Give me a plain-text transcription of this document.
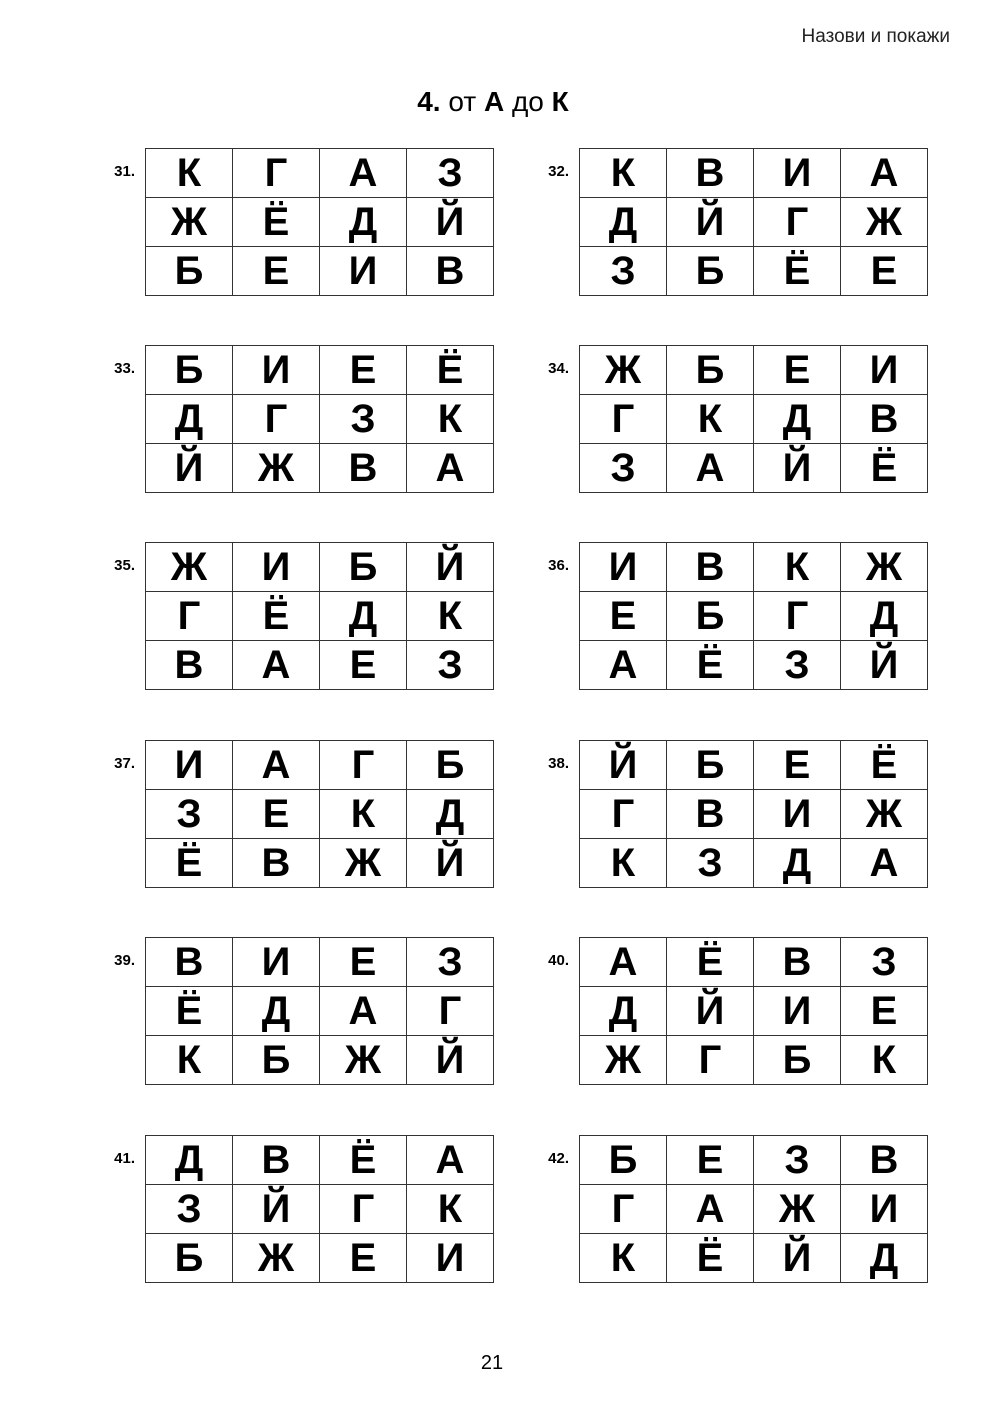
Назови и покажи
4. от А до К
31. К	Г	А	З
Ж	Ё	Д	Й
Б	Е	И	В
32. К	В	И	А
Д	Й	Г	Ж
З	Б	Ё	Е
33. Б	И	Е	Ё
Д	Г	З	К
Й	Ж	В	А
34. Ж	Б	Е	И
Г	К	Д	В
З	А	Й	Ё
35. Ж	И	Б	Й
Г	Ё	Д	К
В	А	Е	З
36. И	В	К	Ж
Е	Б	Г	Д
А	Ё	З	Й
37. И	А	Г	Б
З	Е	К	Д
Ё	В	Ж	Й
38. Й	Б	Е	Ё
Г	В	И	Ж
К	З	Д	А
39. В	И	Е	З
Ё	Д	А	Г
К	Б	Ж	Й
40. А	Ё	В	З
Д	Й	И	Е
Ж	Г	Б	К
41. Д	В	Ё	А
З	Й	Г	К
Б	Ж	Е	И
42. Б	Е	З	В
Г	А	Ж	И
К	Ё	Й	Д
21
